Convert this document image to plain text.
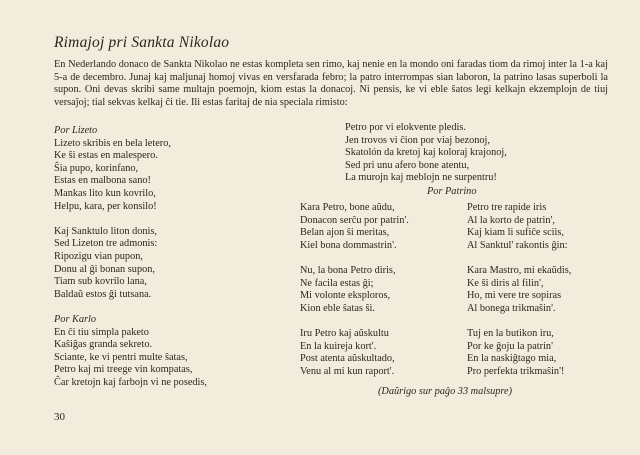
Rimajoj pri Sankta Nikolao
En Nederlando donaco de Sankta Nikolao ne estas kompleta sen rimo, kaj nenie en la mondo oni faradas tiom da rimoj inter la 1-a kaj 5-a de decembro. Junaj kaj maljunaj homoj vivas en versfarada febro; la patro interrompas sian laboron, la patrino lasas superboli la supon. Oni devas skribi same multajn poemojn, kiom estas la donacoj. Ni pensis, ke vi eble ŝatos legi kelkajn ekzemplojn de tiuj versaĵoj; tial sekvas kelkaj ĉi tie. Ili estas faritaj de nia speciala rimisto:
Por Lizeto
Lizeto skribis en bela letero,
Ke ŝi estas en malespero.
Ŝia pupo, korinfano,
Estas en malbona sano!
Mankas lito kun kovrilo,
Helpu, kara, per konsilo!

Kaj Sanktulo liton donis,
Sed Lizeton tre admonis:
Ripozigu vian pupon,
Donu al ĝi bonan supon,
Tiam sub kovrilo lana,
Baldaŭ estos ĝi tutsana.

Por Karlo
En ĉi tiu simpla paketo
Kaŝiĝas granda sekreto.
Sciante, ke vi pentri multe ŝatas,
Petro kaj mi treege vin kompatas,
Ĉar kretojn kaj farbojn vi ne posedis,
Petro por vi elokvente pledis.
Jen trovos vi ĉion por viaj bezonoj,
Skatolón da kretoj kaj koloraj krajonoj,
Sed pri unu afero bone atentu,
La murojn kaj meblojn ne surpentru!
Por Patrino
Kara Petro, bone aŭdu,
Donacon serĉu por patrin'.
Belan ajon ŝi meritas,
Kiel bona dommastrin'.

Nu, la bona Petro diris,
Ne facila estas ĝi;
Mi volonte eksploros,
Kion eble ŝatas ŝi.

Iru Petro kaj aŭskultu
En la kuireja kort'.
Post atenta aŭskultado,
Venu al mi kun raport'.
Petro tre rapide iris
Al la korto de patrin',
Kaj kiam li sufiĉe sciis,
Al Sanktul' rakontis ĝin:

Kara Mastro, mi ekaŭdis,
Ke ŝi diris al filin',
Ho, mi vere tre sopiras
Al bonega trikmaŝin'.

Tuj en la butikon iru,
Por ke ĝoju la patrin'
En la naskiĝtago mia,
Pro perfekta trikmaŝin'!
(Daŭrigo sur paĝo 33 malsupre)
30
